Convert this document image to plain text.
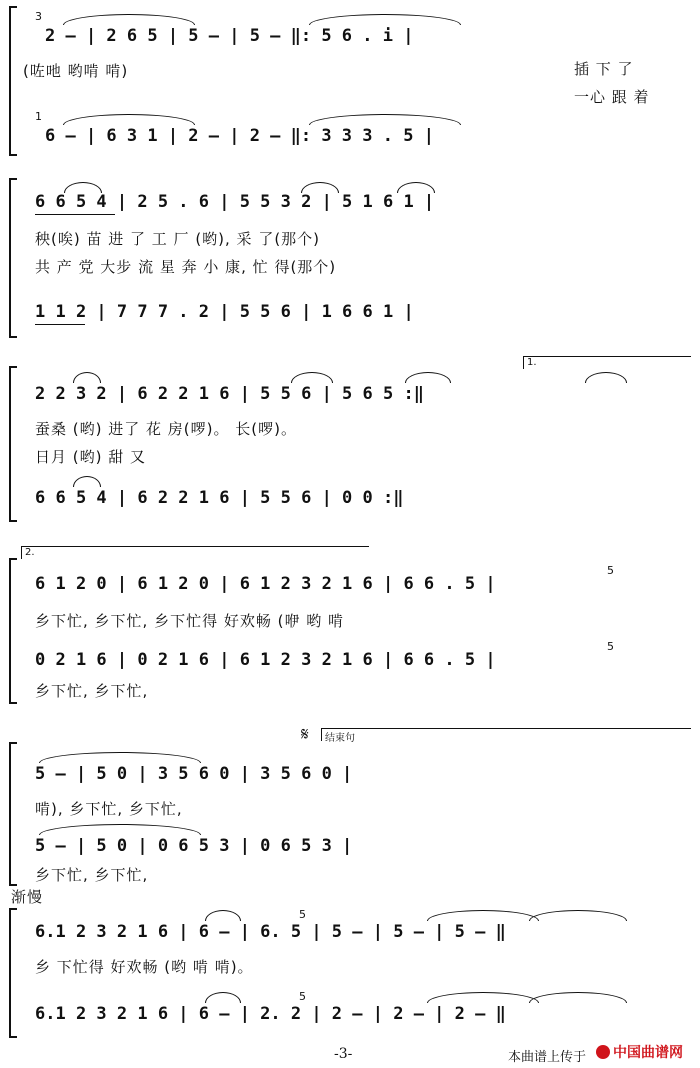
3
2 – | 2 6 5 | 5 – | 5 – ‖: 5 6 . i |
(咗吔 哟啃 啃)	插 下 了
一心 跟 着
1
6 – | 6 3 1 | 2 – | 2 – ‖: 3 3 3 . 5 |
6 6 5 4 | 2 5 . 6 | 5 5 3 2 | 5 1 6 1 |
秧(唉) 苗 进 了 工 厂 (哟), 采 了(那个)
共 产 党 大步 流 星 奔 小 康, 忙 得(那个)
1 1 2 | 7 7 7 . 2 | 5 5 6 | 1 6 6 1 |
1.
2 2 3 2 | 6 2 2 1 6 | 5 5 6 | 5 6 5 :‖
蚕桑 (哟) 进了 花 房(啰)。 长(啰)。
日月 (哟) 甜 又
6 6 5 4 | 6 2 2 1 6 | 5 5 6 | 0 0 :‖
2.
6 1 2 0 | 6 1 2 0 | 6 1 2 3 2 1 6 | 6 6 . 5 |
5
乡下忙, 乡下忙, 乡下忙得 好欢畅 (咿 哟 啃
0 2 1 6 | 0 2 1 6 | 6 1 2 3 2 1 6 | 6 6 . 5 |
5
乡下忙, 乡下忙,
𝄋	结束句
5 – | 5 0 | 3 5 6 0 | 3 5 6 0 |
啃), 乡下忙, 乡下忙,
5 – | 5 0 | 0 6 5 3 | 0 6 5 3 |
乡下忙, 乡下忙,
渐慢
6.1 2 3 2 1 6 | 6 – | 6. 5 | 5 – | 5 – | 5 – ‖
5
乡 下忙得 好欢畅 (哟 啃 啃)。
6.1 2 3 2 1 6 | 6 – | 2. 2 | 2 – | 2 – | 2 – ‖
5
-3-	本曲谱上传于 中国曲谱网
